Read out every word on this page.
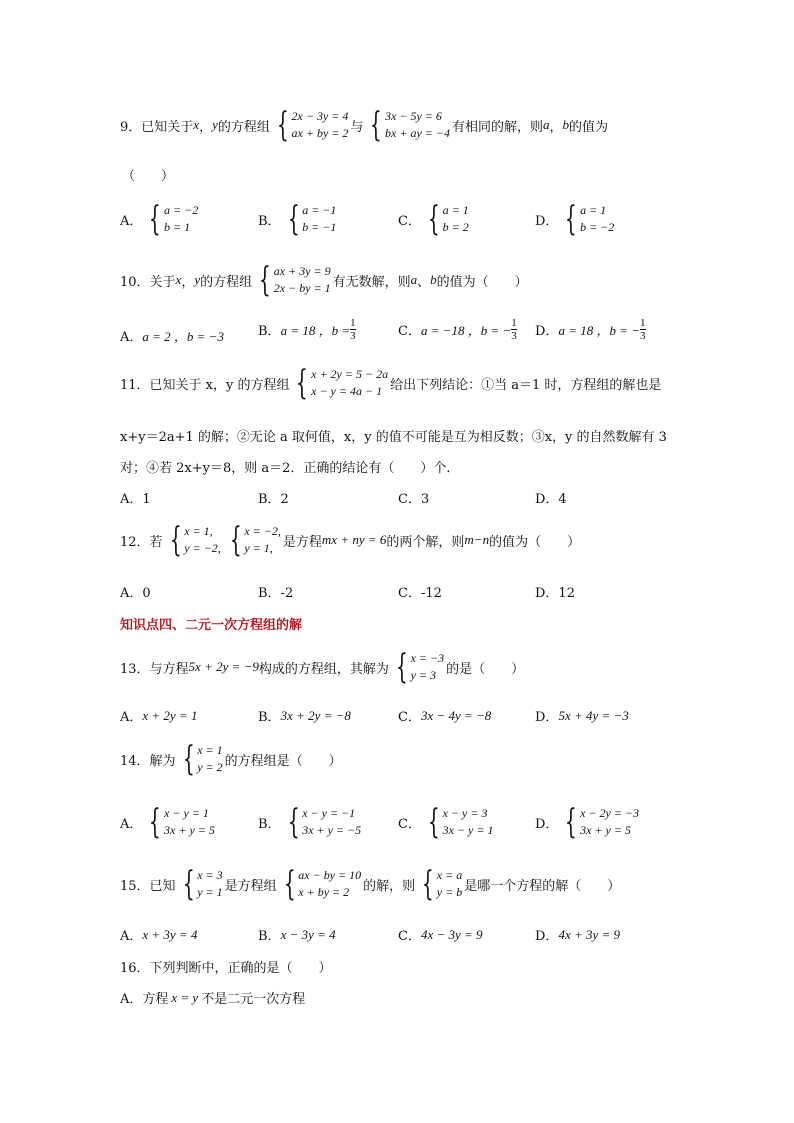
9．已知关于 x ， y 的方程组 { 2x − 3y = 4
ax + by = 2 与 { 3x − 5y = 6
bx + ay = −4 有相同的解，则 a ， b 的值为
（　　）
A． { a = −2
b = 1	B． { a = −1
b = −1	C． { a = 1
b = 2	D． { a = 1
b = −2
10．关于 x ， y 的方程组 { ax + 3y = 9
2x − by = 1 有无数解，则 a 、 b 的值为（　　）
A． a = 2 ，b = −3	B． a = 18 ，$b = \frac{1}{3}$	C． a = −18 ，b = − $\frac{1}{3}$ D． a = 18 ，b = − $\frac{1}{3}$
11．已知关于 x，y 的方程组 { x + 2y = 5 − 2a
x − y = 4a − 1 给出下列结论：①当 a＝1 时，方程组的解也是
x+y＝2a+1 的解；②无论 a 取何值，x，y 的值不可能是互为相反数；③x，y 的自然数解有 3
对；④若 2x+y＝8，则 a＝2．正确的结论有（　　）个．
A．1	B．2	C．3	D．4
12．若 { x = 1,
y = −2, { x = −2,
y = 1, 是方程 mx + ny = 6 的两个解，则 m−n 的值为（　　）
A．0	B．-2	C．-12	D．12
知识点四、二元一次方程组的解
13．与方程 5x + 2y = −9 构成的方程组，其解为 { x = −3
y = 3 的是（　　）
A． x + 2y = 1	B． 3x + 2y = −8	C． 3x − 4y = −8	D． 5x + 4y = −3
14．解为 { x = 1
y = 2 的方程组是（　　）
A． { x − y = 1
3x + y = 5	B． { x − y = −1
3x + y = −5	C． { x − y = 3
3x − y = 1	D． { x − 2y = −3
3x + y = 5
15．已知 { x = 3
y = 1 是方程组 { ax − by = 10
x + by = 2	的解，则 { x = a
y = b 是哪一个方程的解（　　）
A． x + 3y = 4	B． x − 3y = 4	C． 4x − 3y = 9	D． 4x + 3y = 9
16．下列判断中，正确的是（　　）
A．方程 x = y 不是二元一次方程
